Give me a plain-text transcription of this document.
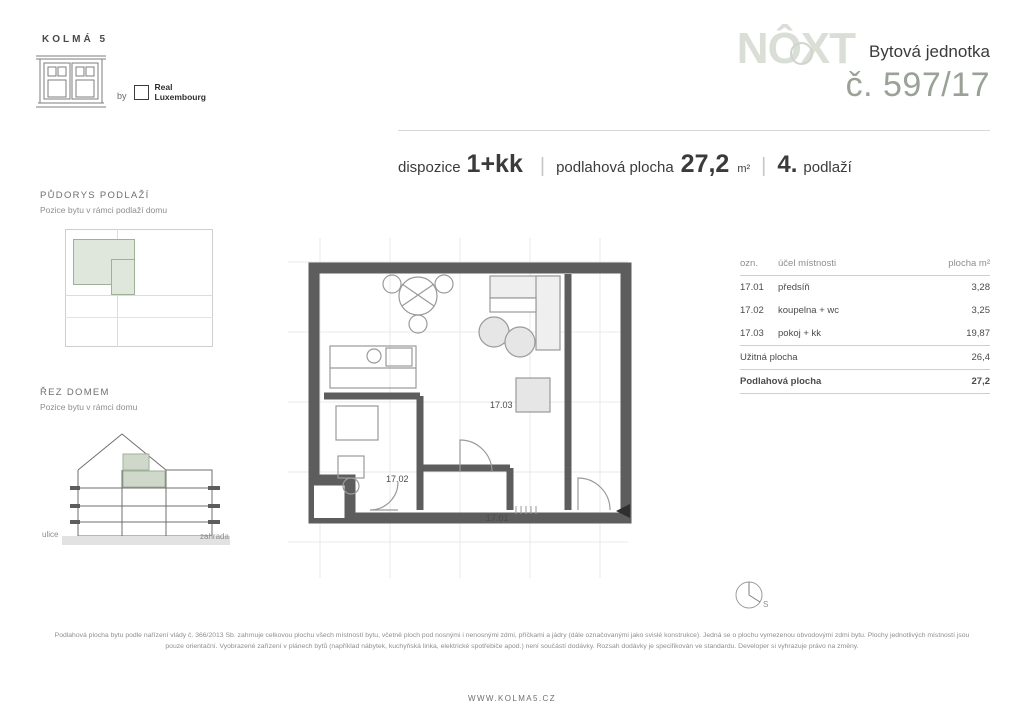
KOLMÁ 5
by
Real
Luxembourg
NÔXT Bytová jednotka
č. 597/17
dispozice 1+kk | podlahová plocha 27,2 m² | 4. podlaží
PŮDORYS PODLAŽÍ
Pozice bytu v rámci podlaží domu
ŘEZ DOMEM
Pozice bytu v rámci domu
ulice	zahrada
17.03
17.02
17.01
ozn.	účel místnosti	plocha m²
17.01	předsíň	3,28
17.02	koupelna + wc	3,25
17.03	pokoj + kk	19,87
Užitná plocha	26,4
Podlahová plocha	27,2
S
Podlahová plocha bytu podle nařízení vlády č. 366/2013 Sb. zahrnuje celkovou plochu všech místností bytu, včetně ploch pod nosnými i nenosnými zdmi, příčkami a jádry (dále označovanými jako svislé konstrukce). Jedná se o plochu vymezenou obvodovými zdmi bytu. Plochy jednotlivých místností jsou pouze orientační. Vyobrazené zařízení v plánech bytů (například nábytek, kuchyňská linka, elektrické spotřebiče apod.) není součástí dodávky. Rozsah dodávky je specifikován ve standardu. Developer si vyhrazuje právo na změny.
WWW.KOLMA5.CZ
